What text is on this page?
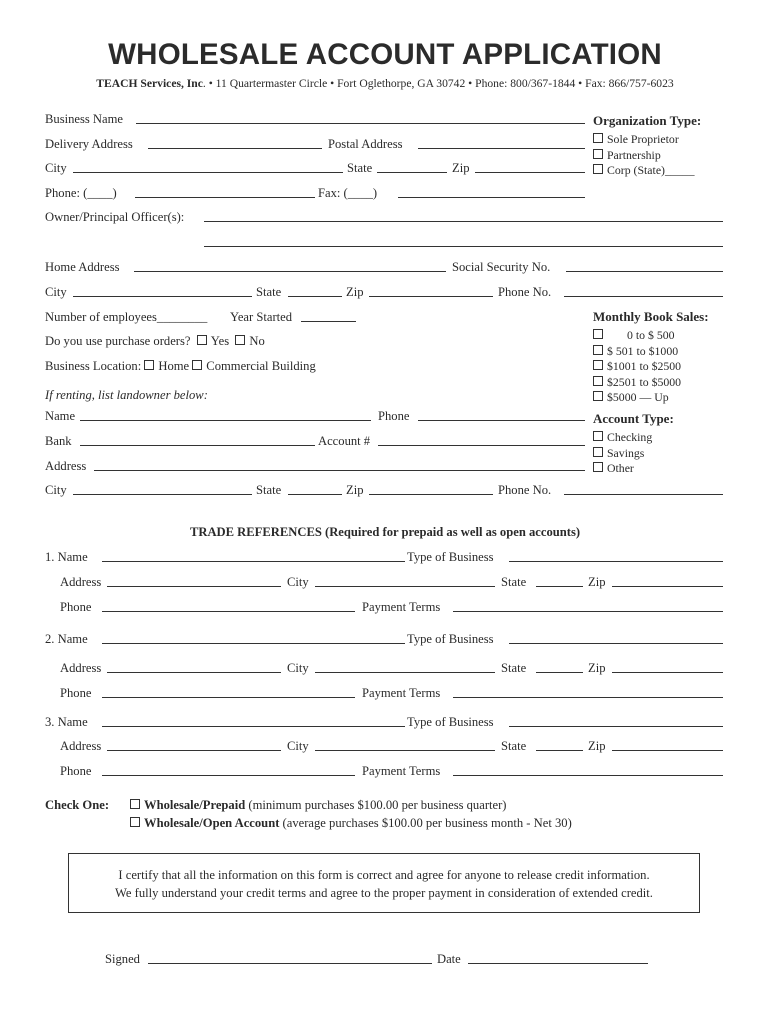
WHOLESALE ACCOUNT APPLICATION
TEACH Services, Inc. • 11 Quartermaster Circle • Fort Oglethorpe, GA 30742 • Phone: 800/367-1844 • Fax: 866/757-6023
Business Name
Delivery Address	Postal Address
City	State	Zip
Phone: (____)	Fax: (____)
Owner/Principal Officer(s):
Home Address	Social Security No.
City	State	Zip	Phone No.
Number of employees________ Year Started
Do you use purchase orders? Yes No
Business Location: Home Commercial Building
If renting, list landowner below:
Name	Phone
Bank	Account #
Address
City	State	Zip	Phone No.
Organization Type:
Sole Proprietor
Partnership
Corp (State)_____
Monthly Book Sales:
0 to $ 500
$ 501 to $1000
$1001 to $2500
$2501 to $5000
$5000 — Up
Account Type:
Checking
Savings
Other
TRADE REFERENCES (Required for prepaid as well as open accounts)
1. Name	Type of Business
Address	City	State	Zip
Phone	Payment Terms
2. Name	Type of Business
Address	City	State	Zip
Phone	Payment Terms
3. Name	Type of Business
Address	City	State	Zip
Phone	Payment Terms
Check One:	Wholesale/Prepaid (minimum purchases $100.00 per business quarter)
Wholesale/Open Account (average purchases $100.00 per business month - Net 30)
I certify that all the information on this form is correct and agree for anyone to release credit information.
We fully understand your credit terms and agree to the proper payment in consideration of extended credit.
Signed	Date
